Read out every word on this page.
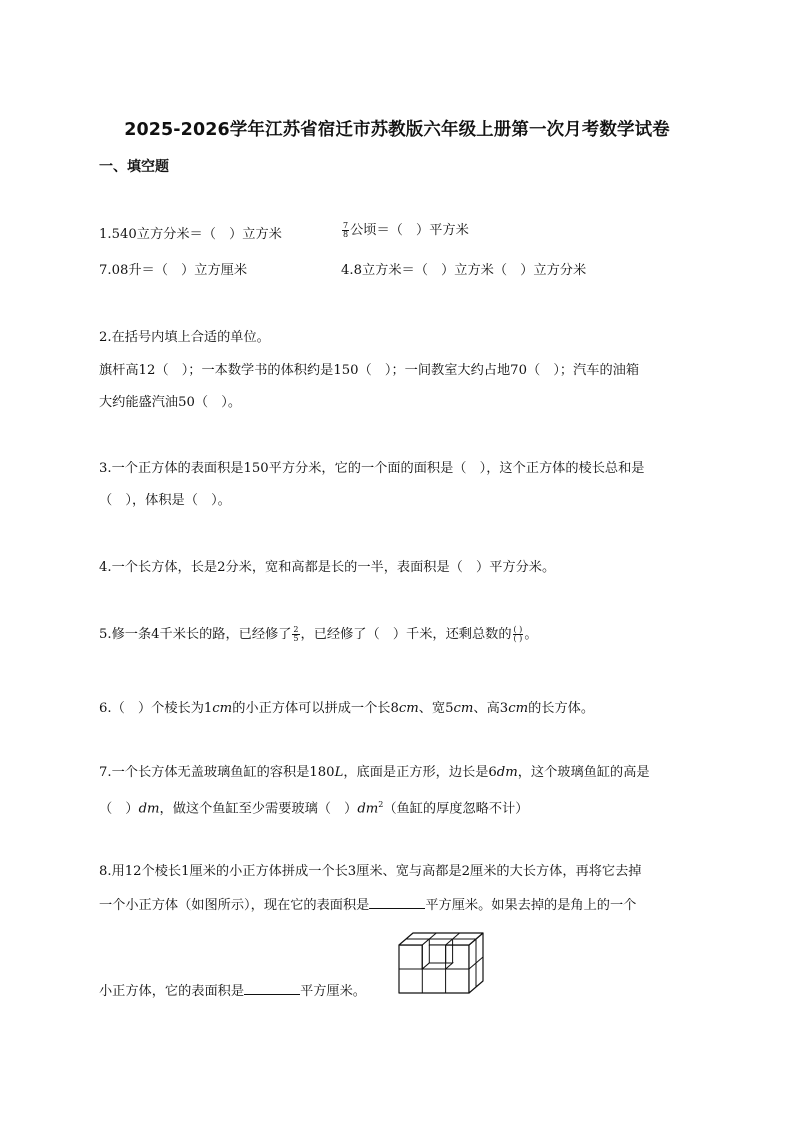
2025-2026学年江苏省宿迁市苏教版六年级上册第一次月考数学试卷
一、填空题
1.540立方分米＝（　）立方米	$\frac{7}{8}$ 公顷＝（　）平方米
7.08升＝（　）立方厘米	4.8立方米＝（　）立方米（　）立方分米
2.在括号内填上合适的单位。
旗杆高12（　）；一本数学书的体积约是150（　）；一间教室大约占地70（　）；汽车的油箱
大约能盛汽油50（　）。
3.一个正方体的表面积是150平方分米，它的一个面的面积是（　），这个正方体的棱长总和是
（　），体积是（　）。
4.一个长方体，长是2分米，宽和高都是长的一半，表面积是（　）平方分米。
5.修一条4千米长的路，已经修了 $\frac{2}{5}$ ，已经修了（　）千米，还剩总数的 $\frac{( )}{( )}$ 。
6.（　）个棱长为1cm的小正方体可以拼成一个长8cm、宽5cm、高3cm的长方体。
7.一个长方体无盖玻璃鱼缸的容积是180L，底面是正方形，边长是6dm，这个玻璃鱼缸的高是
（　）dm，做这个鱼缸至少需要玻璃（　）$dm^2$（鱼缸的厚度忽略不计）
8.用12个棱长1厘米的小正方体拼成一个长3厘米、宽与高都是2厘米的大长方体，再将它去掉
一个小正方体（如图所示），现在它的表面积是	平方厘米。如果去掉的是角上的一个
小正方体，它的表面积是	平方厘米。
